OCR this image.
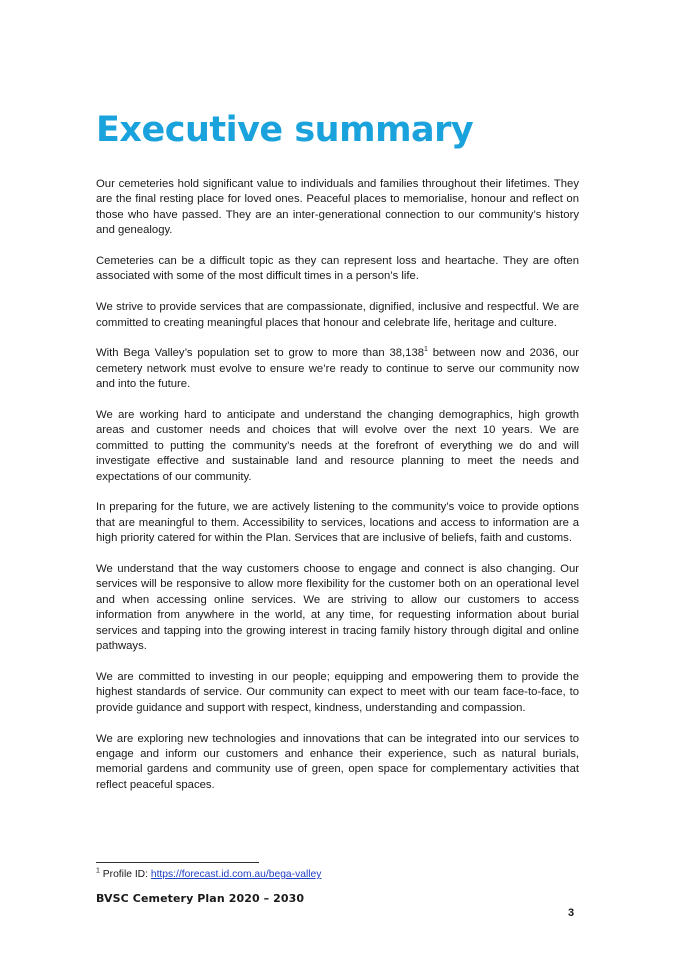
Executive summary

Our cemeteries hold significant value to individuals and families throughout their lifetimes. They are the final resting place for loved ones. Peaceful places to memorialise, honour and reflect on those who have passed. They are an inter-generational connection to our community’s history and genealogy.

Cemeteries can be a difficult topic as they can represent loss and heartache. They are often associated with some of the most difficult times in a person’s life.

We strive to provide services that are compassionate, dignified, inclusive and respectful. We are committed to creating meaningful places that honour and celebrate life, heritage and culture.

With Bega Valley’s population set to grow to more than 38,138$^1$ between now and 2036, our cemetery network must evolve to ensure we’re ready to continue to serve our community now and into the future.

We are working hard to anticipate and understand the changing demographics, high growth areas and customer needs and choices that will evolve over the next 10 years. We are committed to putting the community’s needs at the forefront of everything we do and will investigate effective and sustainable land and resource planning to meet the needs and expectations of our community.

In preparing for the future, we are actively listening to the community’s voice to provide options that are meaningful to them. Accessibility to services, locations and access to information are a high priority catered for within the Plan. Services that are inclusive of beliefs, faith and customs.

We understand that the way customers choose to engage and connect is also changing. Our services will be responsive to allow more flexibility for the customer both on an operational level and when accessing online services. We are striving to allow our customers to access information from anywhere in the world, at any time, for requesting information about burial services and tapping into the growing interest in tracing family history through digital and online pathways.

We are committed to investing in our people; equipping and empowering them to provide the highest standards of service. Our community can expect to meet with our team face-to-face, to provide guidance and support with respect, kindness, understanding and compassion.

We are exploring new technologies and innovations that can be integrated into our services to engage and inform our customers and enhance their experience, such as natural burials, memorial gardens and community use of green, open space for complementary activities that reflect peaceful spaces.

$^1$ Profile ID: https://forecast.id.com.au/bega-valley
BVSC Cemetery Plan 2020 – 2030
3
